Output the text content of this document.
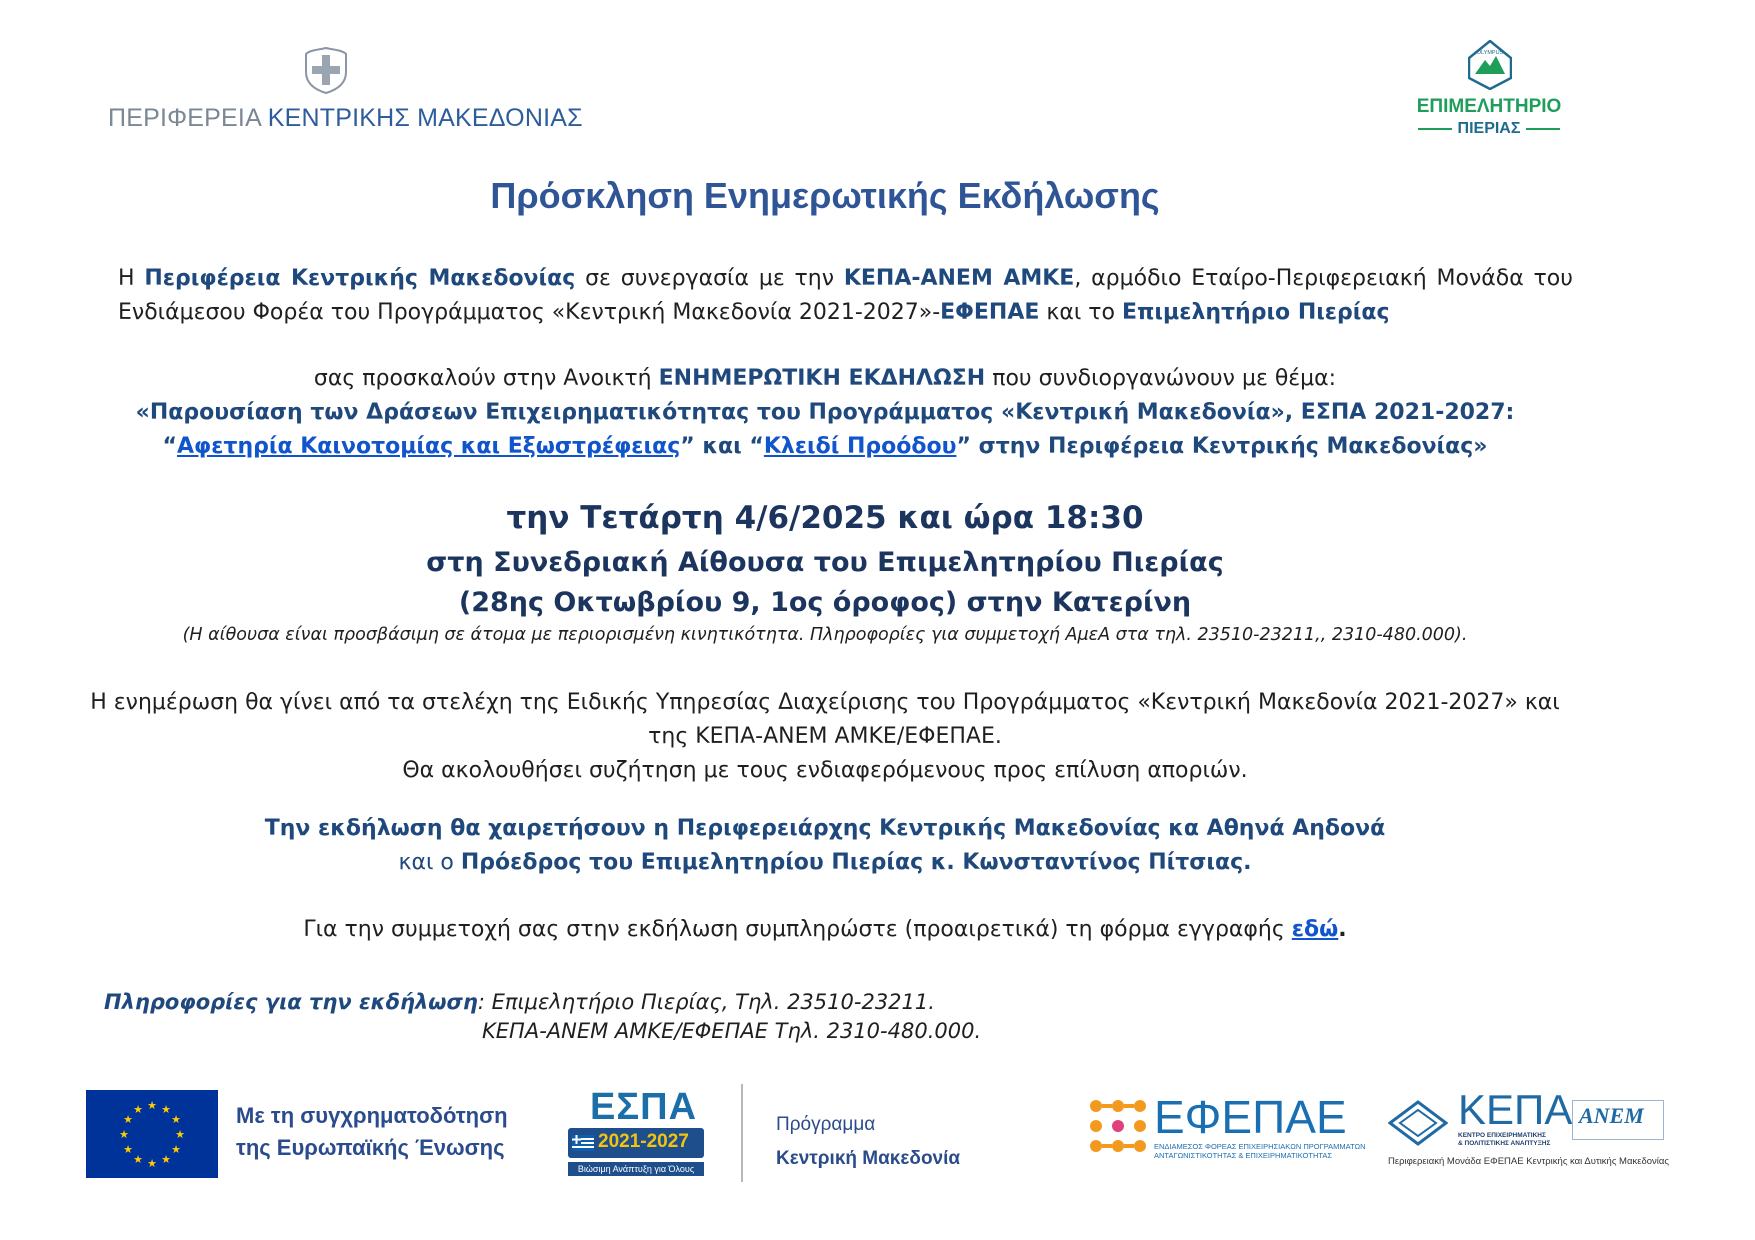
ΠΕΡΙΦΕΡΕΙΑ ΚΕΝΤΡΙΚΗΣ ΜΑΚΕΔΟΝΙΑΣ
OLYMPUS
ΕΠΙΜΕΛΗΤΗΡΙΟ
ΠΙΕΡΙΑΣ
Πρόσκληση Ενημερωτικής Εκδήλωσης
Η Περιφέρεια Κεντρικής Μακεδονίας σε συνεργασία με την ΚΕΠΑ-ΑΝΕΜ ΑΜΚΕ, αρμόδιο Εταίρο-Περιφερειακή Μονάδα του Ενδιάμεσου Φορέα του Προγράμματος «Κεντρική Μακεδονία 2021-2027»-ΕΦΕΠΑΕ και το Επιμελητήριο Πιερίας
σας προσκαλούν στην Ανοικτή ΕΝΗΜΕΡΩΤΙΚΗ ΕΚΔΗΛΩΣΗ που συνδιοργανώνουν με θέμα:
«Παρουσίαση των Δράσεων Επιχειρηματικότητας του Προγράμματος «Κεντρική Μακεδονία», ΕΣΠΑ 2021-2027:
“Αφετηρία Καινοτομίας και Εξωστρέφειας” και “Κλειδί Προόδου” στην Περιφέρεια Κεντρικής Μακεδονίας»
την Τετάρτη 4/6/2025 και ώρα 18:30
στη Συνεδριακή Αίθουσα του Επιμελητηρίου Πιερίας
(28ης Οκτωβρίου 9, 1ος όροφος) στην Κατερίνη
(Η αίθουσα είναι προσβάσιμη σε άτομα με περιορισμένη κινητικότητα. Πληροφορίες για συμμετοχή ΑμεΑ στα τηλ. 23510-23211,, 2310-480.000).
Η ενημέρωση θα γίνει από τα στελέχη της Ειδικής Υπηρεσίας Διαχείρισης του Προγράμματος «Κεντρική Μακεδονία 2021-2027» και
της ΚΕΠΑ-ΑΝΕΜ ΑΜΚΕ/ΕΦΕΠΑΕ.
Θα ακολουθήσει συζήτηση με τους ενδιαφερόμενους προς επίλυση αποριών.
Την εκδήλωση θα χαιρετήσουν η Περιφερειάρχης Κεντρικής Μακεδονίας κα Αθηνά Αηδονά
και ο Πρόεδρος του Επιμελητηρίου Πιερίας κ. Κωνσταντίνος Πίτσιας.
Για την συμμετοχή σας στην εκδήλωση συμπληρώστε (προαιρετικά) τη φόρμα εγγραφής εδώ.
Πληροφορίες για την εκδήλωση: Επιμελητήριο Πιερίας, Τηλ. 23510-23211.
ΚΕΠΑ-ΑΝΕΜ ΑΜΚΕ/ΕΦΕΠΑΕ Τηλ. 2310-480.000.
★ ★
★
★
★
★
★
★
★
★
★
★	Με τη συγχρηματοδότηση
της Ευρωπαϊκής Ένωσης
ΕΣΠΑ
2021-2027
Βιώσιμη Ανάπτυξη για Όλους
Πρόγραμμα
Κεντρική Μακεδονία
ΕΦΕΠΑΕ
ΕΝΔΙΑΜΕΣΟΣ ΦΟΡΕΑΣ ΕΠΙΧΕΙΡΗΣΙΑΚΩΝ ΠΡΟΓΡΑΜΜΑΤΩΝ ΑΝΤΑΓΩΝΙΣΤΙΚΟΤΗΤΑΣ & ΕΠΙΧΕΙΡΗΜΑΤΙΚΟΤΗΤΑΣ
ΚΕΠΑ
ΚΕΝΤΡΟ ΕΠΙΧΕΙΡΗΜΑΤΙΚΗΣ
& ΠΟΛΙΤΙΣΤΙΚΗΣ ΑΝΑΠΤΥΞΗΣ
ΑΝΕΜ
Περιφερειακή Μονάδα ΕΦΕΠΑΕ Κεντρικής και Δυτικής Μακεδονίας
